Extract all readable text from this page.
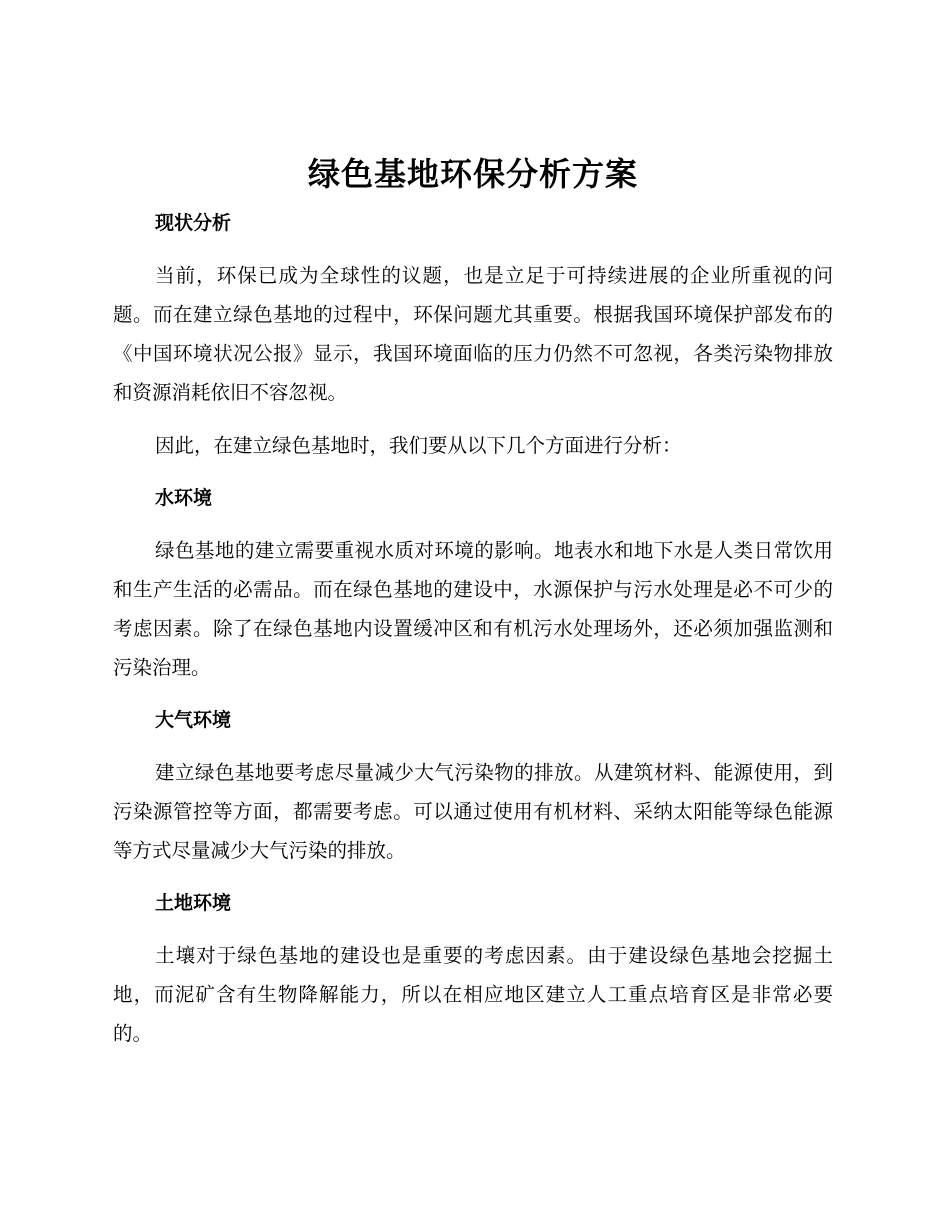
绿色基地环保分析方案
现状分析

当前，环保已成为全球性的议题，也是立足于可持续进展的企业所重视的问题。而在建立绿色基地的过程中，环保问题尤其重要。根据我国环境保护部发布的《中国环境状况公报》显示，我国环境面临的压力仍然不可忽视，各类污染物排放和资源消耗依旧不容忽视。

因此，在建立绿色基地时，我们要从以下几个方面进行分析：

水环境

绿色基地的建立需要重视水质对环境的影响。地表水和地下水是人类日常饮用和生产生活的必需品。而在绿色基地的建设中，水源保护与污水处理是必不可少的考虑因素。除了在绿色基地内设置缓冲区和有机污水处理场外，还必须加强监测和污染治理。

大气环境

建立绿色基地要考虑尽量减少大气污染物的排放。从建筑材料、能源使用，到污染源管控等方面，都需要考虑。可以通过使用有机材料、采纳太阳能等绿色能源等方式尽量减少大气污染的排放。

土地环境

土壤对于绿色基地的建设也是重要的考虑因素。由于建设绿色基地会挖掘土地，而泥矿含有生物降解能力，所以在相应地区建立人工重点培育区是非常必要的。
